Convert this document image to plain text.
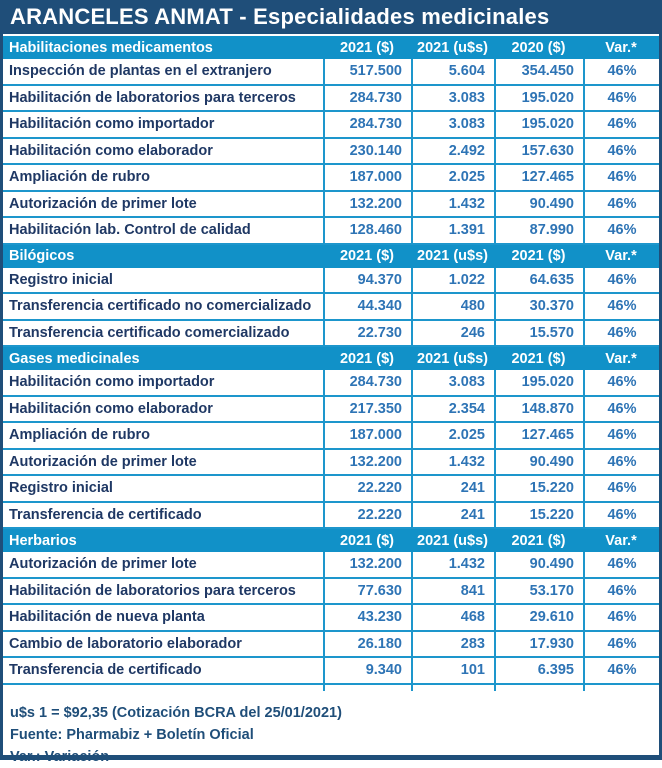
ARANCELES ANMAT - Especialidades medicinales
Habilitaciones medicamentos	2021 ($)	2021 (u$s)	2020 ($)	Var.*
Inspección de plantas en el extranjero	517.500	5.604	354.450	46%
Habilitación de laboratorios para terceros	284.730	3.083	195.020	46%
Habilitación como importador	284.730	3.083	195.020	46%
Habilitación como elaborador	230.140	2.492	157.630	46%
Ampliación de rubro	187.000	2.025	127.465	46%
Autorización de primer lote	132.200	1.432	90.490	46%
Habilitación lab. Control de calidad	128.460	1.391	87.990	46%
Bilógicos	2021 ($)	2021 (u$s)	2021 ($)	Var.*
Registro inicial	94.370	1.022	64.635	46%
Transferencia certificado no comercializado	44.340	480	30.370	46%
Transferencia certificado comercializado	22.730	246	15.570	46%
Gases medicinales	2021 ($)	2021 (u$s)	2021 ($)	Var.*
Habilitación como importador	284.730	3.083	195.020	46%
Habilitación como elaborador	217.350	2.354	148.870	46%
Ampliación de rubro	187.000	2.025	127.465	46%
Autorización de primer lote	132.200	1.432	90.490	46%
Registro inicial	22.220	241	15.220	46%
Transferencia de certificado	22.220	241	15.220	46%
Herbarios	2021 ($)	2021 (u$s)	2021 ($)	Var.*
Autorización de primer lote	132.200	1.432	90.490	46%
Habilitación de laboratorios para terceros	77.630	841	53.170	46%
Habilitación de nueva planta	43.230	468	29.610	46%
Cambio de laboratorio elaborador	26.180	283	17.930	46%
Transferencia de certificado	9.340	101	6.395	46%
u$s 1 = $92,35 (Cotización BCRA del 25/01/2021)
Fuente: Pharmabiz + Boletín Oficial
Var.: Variación
